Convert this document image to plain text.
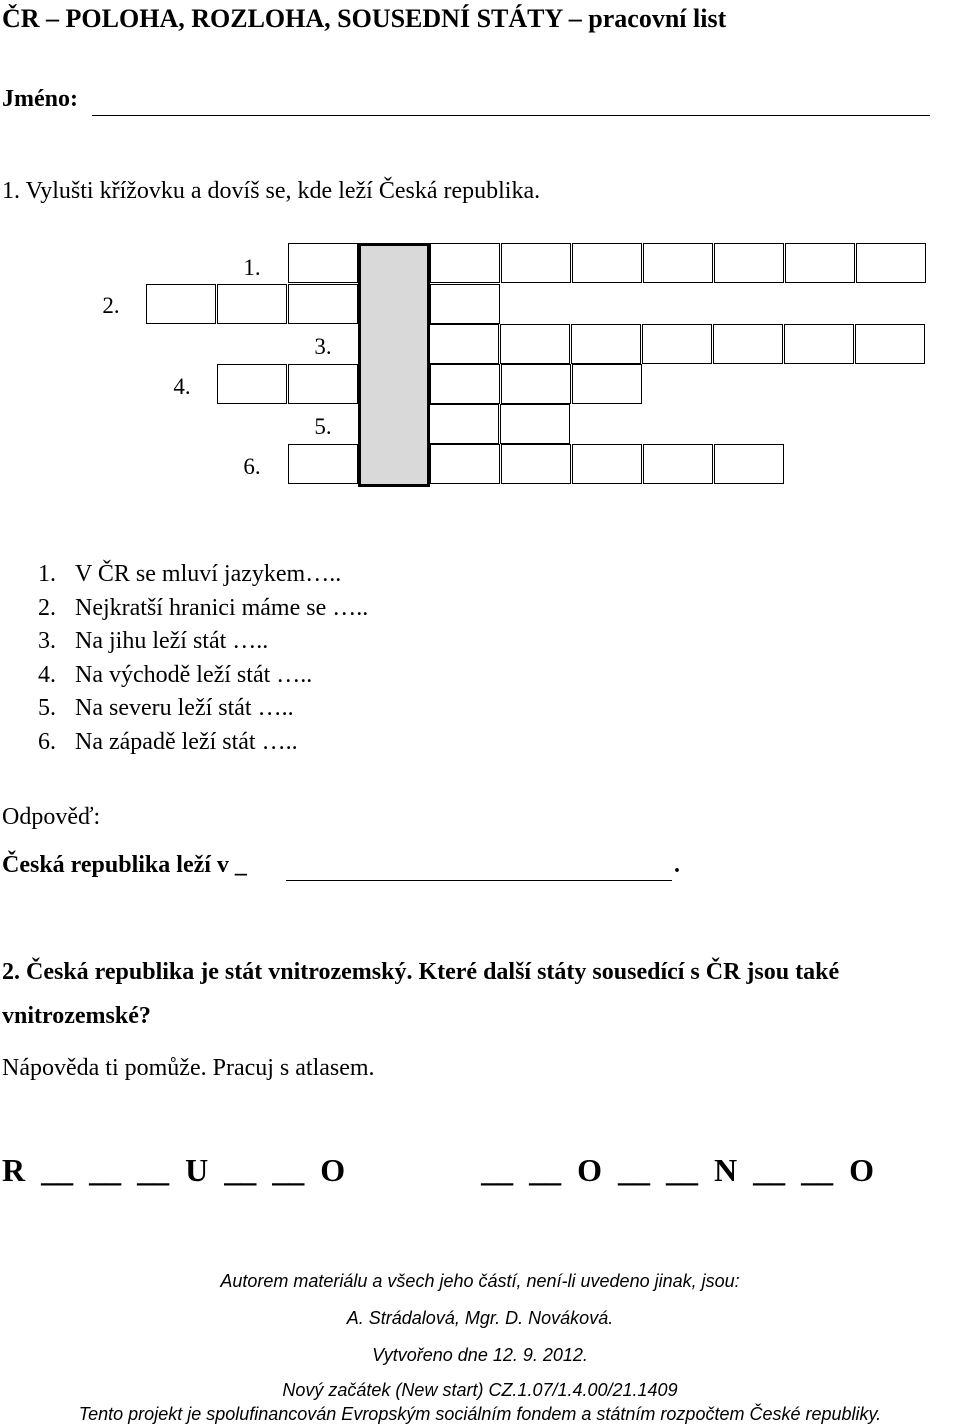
ČR – POLOHA, ROZLOHA, SOUSEDNÍ STÁTY – pracovní list
Jméno:
1. Vylušti křížovku a dovíš se, kde leží Česká republika.
1.
2.
3.
4.
5.
6.
1. V ČR se mluví jazykem…..
2. Nejkratší hranici máme se …..
3. Na jihu leží stát …..
4. Na východě leží stát …..
5. Na severu leží stát …..
6. Na západě leží stát …..
Odpověď:
Česká republika leží v _	.
2. Česká republika je stát vnitrozemský. Které další státy sousedící s ČR jsou také vnitrozemské?
Nápověda ti pomůže. Pracuj s atlasem.
R  __  __  __  U  __  __  O                 __  __  O  __  __  N  __  __  O
Autorem materiálu a všech jeho částí, není-li uvedeno jinak, jsou:
A. Strádalová, Mgr. D. Nováková.
Vytvořeno dne 12. 9. 2012.
Nový začátek (New start) CZ.1.07/1.4.00/21.1409
Tento projekt je spolufinancován Evropským sociálním fondem a státním rozpočtem České republiky.
